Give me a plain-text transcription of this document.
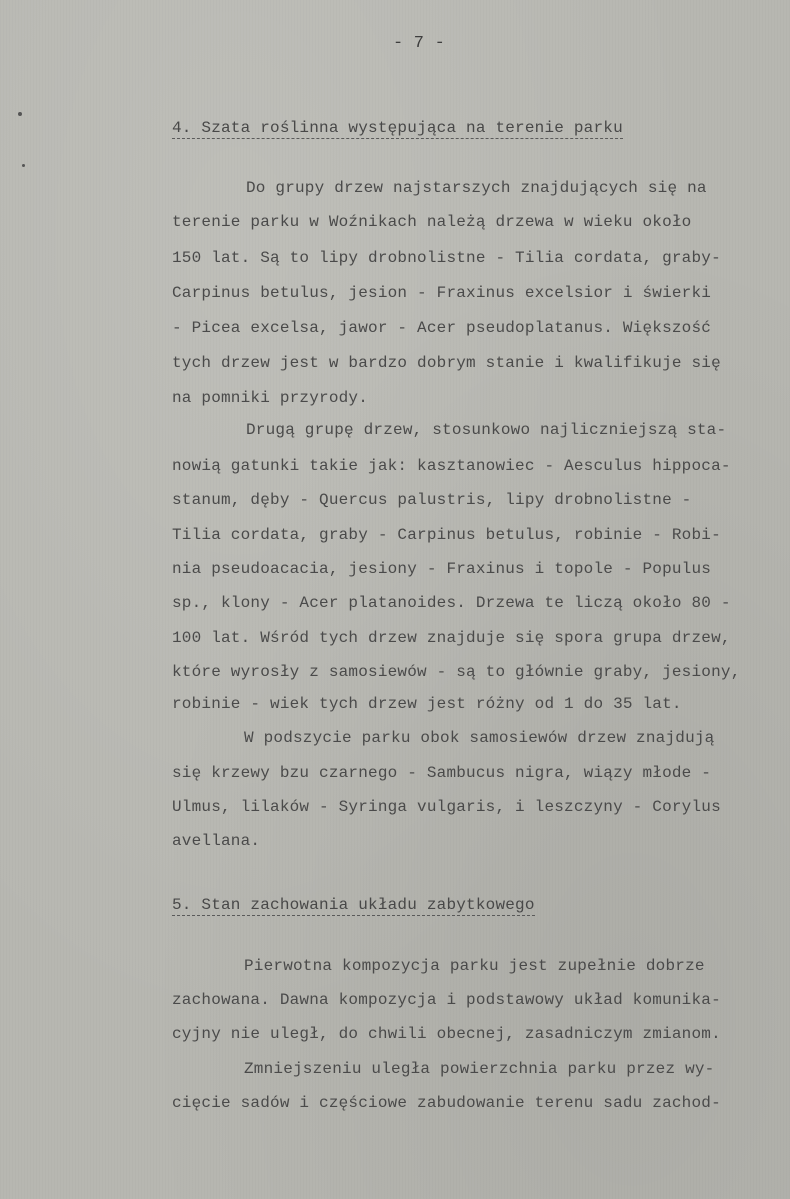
- 7 -
4. Szata roślinna występująca na terenie parku
Do grupy drzew najstarszych znajdujących się na
terenie parku w Woźnikach należą drzewa w wieku około
150 lat. Są to lipy drobnolistne - Tilia cordata, graby-
Carpinus betulus, jesion - Fraxinus excelsior i świerki
- Picea excelsa, jawor - Acer pseudoplatanus. Większość
tych drzew jest w bardzo dobrym stanie i kwalifikuje się
na pomniki przyrody.
Drugą grupę drzew, stosunkowo najliczniejszą sta-
nowią gatunki takie jak: kasztanowiec - Aesculus hippoca-
stanum, dęby - Quercus palustris, lipy drobnolistne -
Tilia cordata, graby - Carpinus betulus, robinie - Robi-
nia pseudoacacia, jesiony - Fraxinus i topole - Populus
sp., klony - Acer platanoides. Drzewa te liczą około 80 -
100 lat. Wśród tych drzew znajduje się spora grupa drzew,
które wyrosły z samosiewów - są to głównie graby, jesiony,
robinie - wiek tych drzew jest różny od 1 do 35 lat.
W podszycie parku obok samosiewów drzew znajdują
się krzewy bzu czarnego - Sambucus nigra, wiązy młode -
Ulmus, lilaków - Syringa vulgaris, i leszczyny - Corylus
avellana.
5. Stan zachowania układu zabytkowego
Pierwotna kompozycja parku jest zupełnie dobrze
zachowana. Dawna kompozycja i podstawowy układ komunika-
cyjny nie uległ, do chwili obecnej, zasadniczym zmianom.
Zmniejszeniu uległa powierzchnia parku przez wy-
cięcie sadów i częściowe zabudowanie terenu sadu zachod-
